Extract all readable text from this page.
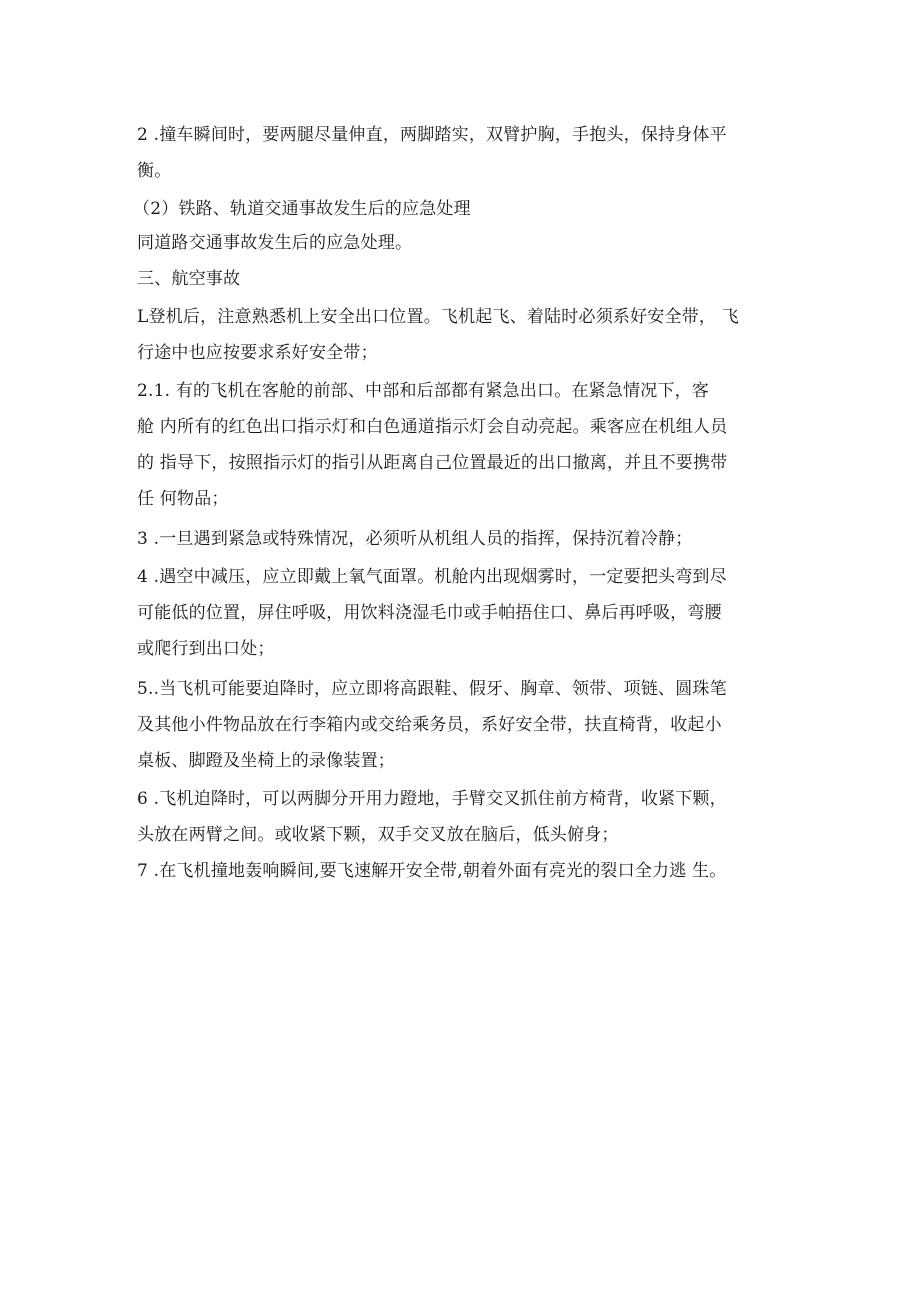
2 .撞车瞬间时，要两腿尽量伸直，两脚踏实，双臂护胸，手抱头，保持身体平
衡。
（2）铁路、轨道交通事故发生后的应急处理
同道路交通事故发生后的应急处理。
三、航空事故
L登机后，注意熟悉机上安全出口位置。飞机起飞、着陆时必须系好安全带， 飞
行途中也应按要求系好安全带；
2.1. 有的飞机在客舱的前部、中部和后部都有紧急出口。在紧急情况下，客
舱 内所有的红色出口指示灯和白色通道指示灯会自动亮起。乘客应在机组人员
的 指导下，按照指示灯的指引从距离自己位置最近的出口撤离，并且不要携带
任 何物品；
3 .一旦遇到紧急或特殊情况，必须听从机组人员的指挥，保持沉着冷静；
4 .遇空中减压，应立即戴上氧气面罩。机舱内出现烟雾时，一定要把头弯到尽
可能低的位置，屏住呼吸，用饮料浇湿毛巾或手帕捂住口、鼻后再呼吸，弯腰
或爬行到出口处；
5..当飞机可能要迫降时，应立即将高跟鞋、假牙、胸章、领带、项链、圆珠笔
及其他小件物品放在行李箱内或交给乘务员，系好安全带，扶直椅背，收起小
桌板、脚蹬及坐椅上的录像装置；
6 .飞机迫降时，可以两脚分开用力蹬地，手臂交叉抓住前方椅背，收紧下颗，
头放在两臂之间。或收紧下颗，双手交叉放在脑后，低头俯身；
7 .在飞机撞地轰响瞬间,要飞速解开安全带,朝着外面有亮光的裂口全力逃 生。
